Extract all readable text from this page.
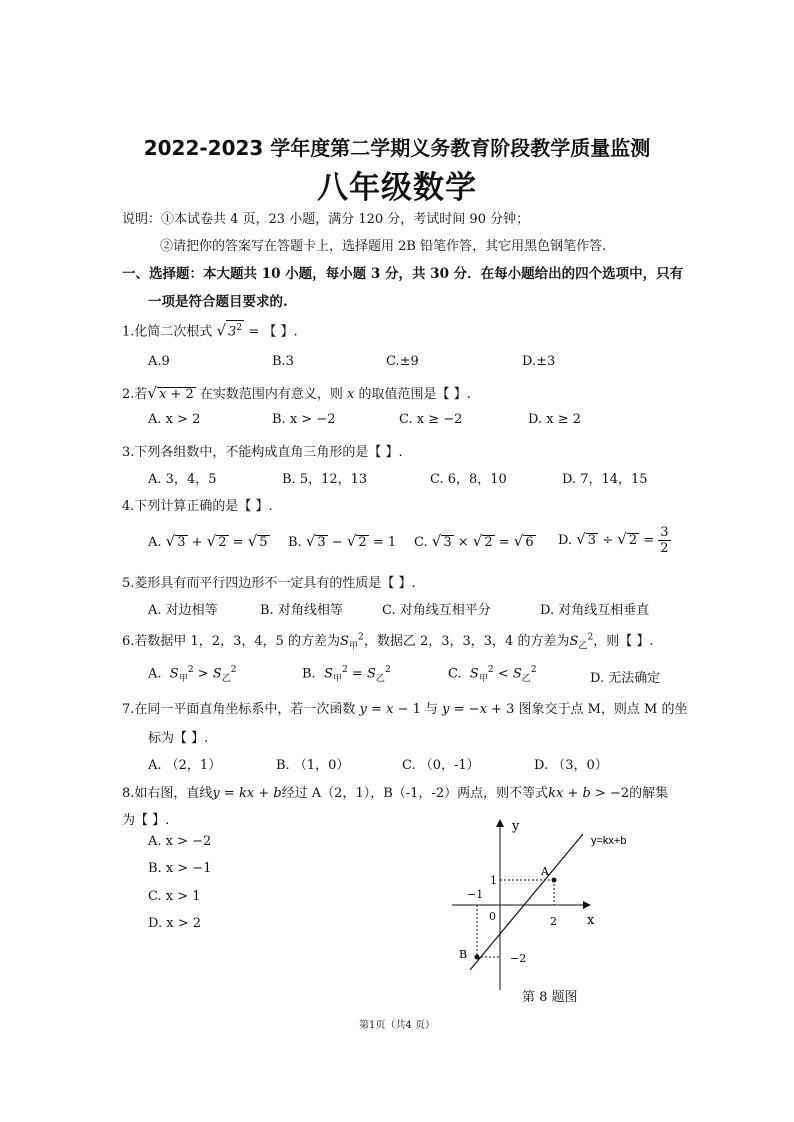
2022-2023 学年度第二学期义务教育阶段教学质量监测
八年级数学
说明：①本试卷共 4 页，23 小题，满分 120 分，考试时间 90 分钟；
②请把你的答案写在答题卡上，选择题用 2B 铅笔作答，其它用黑色钢笔作答.
一、选择题：本大题共 10 小题，每小题 3 分，共 30 分．在每小题给出的四个选项中，只有
一项是符合题目要求的.
1.化简二次根式 √ $3^2$ = 【 】.
A.9	B.3	C.±9	D.±3
2.若√ x + 2 在实数范围内有意义，则 x 的取值范围是【 】.
A. x > 2	B. x > −2	C. x ≥ −2	D. x ≥ 2
3.下列各组数中，不能构成直角三角形的是【 】.
A. 3，4，5	B. 5，12，13	C. 6，8，10	D. 7，14，15
4.下列计算正确的是【 】.
A. √ 3 + √ 2 = √ 5 B. √ 3 − √ 2 = 1 C. √ 3 × √ 2 = √ 6 D. √ 3 ÷ √ $2 = \frac{3}{2}$
5.菱形具有而平行四边形不一定具有的性质是【 】.
A. 对边相等	B. 对角线相等	C. 对角线互相平分	D. 对角线互相垂直
6.若数据甲 1，2，3，4，5 的方差为$S_甲^2$，数据乙 2，3，3，3，4 的方差为$S_乙^2$，则【 】.
A.  $S_甲^2 > S_乙^2$	B.  $S_甲^2 = S_乙^2$	C.  $S_甲^2 < S_乙^2$
D. 无法确定
7.在同一平面直角坐标系中，若一次函数 y = x − 1 与 y = −x + 3 图象交于点 M，则点 M 的坐
标为【 】.
A. （2，1）	B. （1，0）	C. （0，-1）	D. （3，0）
8.如右图，直线y = kx + b经过 A（2，1），B（-1，-2）两点，则不等式kx + b > −2的解集
为【 】.
A. x > −2
B. x > −1
C. x > 1
D. x > 2
y
x
y=kx+b
A
B
1
−1
0	2
−2
第 8 题图
第1页（共4 页）
